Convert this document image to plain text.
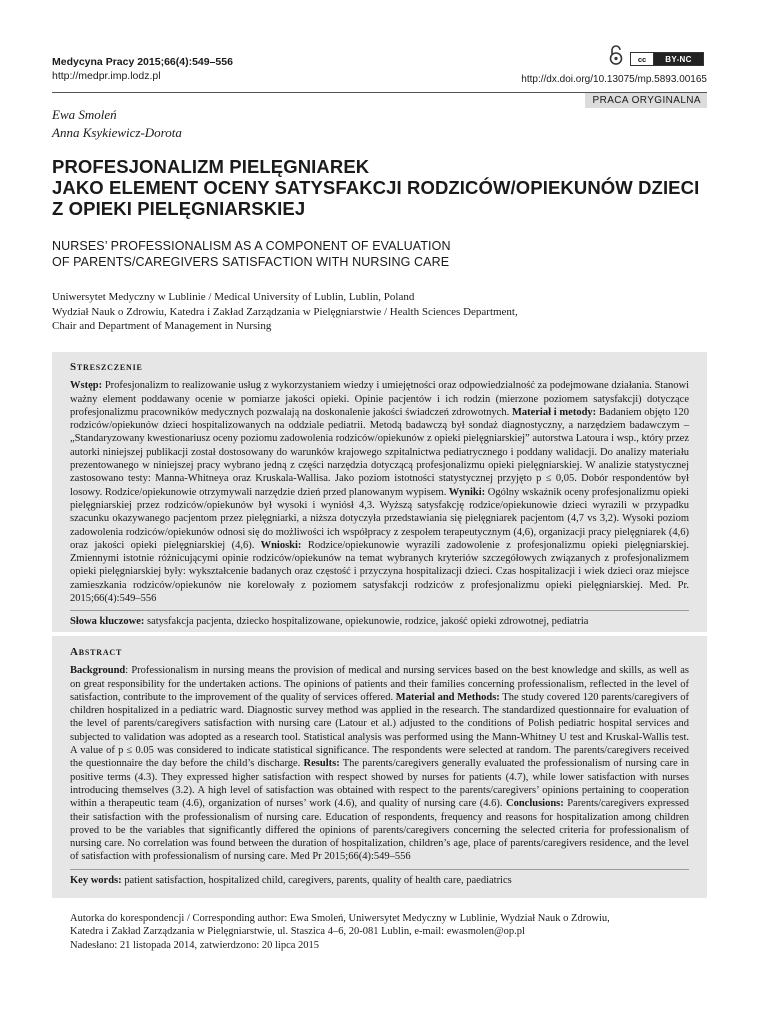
Medycyna Pracy 2015;66(4):549–556
http://medpr.imp.lodz.pl
cc	BY-NC
http://dx.doi.org/10.13075/mp.5893.00165
PRACA ORYGINALNA
Ewa Smoleń
Anna Ksykiewicz-Dorota
PROFESJONALIZM PIELĘGNIAREK
JAKO ELEMENT OCENY SATYSFAKCJI RODZICÓW/OPIEKUNÓW DZIECI
Z OPIEKI PIELĘGNIARSKIEJ
NURSES’ PROFESSIONALISM AS A COMPONENT OF EVALUATION
OF PARENTS/CAREGIVERS SATISFACTION WITH NURSING CARE
Uniwersytet Medyczny w Lublinie / Medical University of Lublin, Lublin, Poland
Wydział Nauk o Zdrowiu, Katedra i Zakład Zarządzania w Pielęgniarstwie / Health Sciences Department,
Chair and Department of Management in Nursing
Streszczenie

Wstęp: Profesjonalizm to realizowanie usług z wykorzystaniem wiedzy i umiejętności oraz odpowiedzialność za podejmowane działania. Stanowi ważny element poddawany ocenie w pomiarze jakości opieki. Opinie pacjentów i ich rodzin (mierzone poziomem satysfakcji) dotyczące profesjonalizmu pracowników medycznych pozwalają na doskonalenie jakości świadczeń zdrowotnych. Materiał i metody: Badaniem objęto 120 rodziców/opiekunów dzieci hospitalizowanych na oddziale pediatrii. Metodą badawczą był sondaż diagnostyczny, a narzędziem badawczym – „Standaryzowany kwestionariusz oceny poziomu zadowolenia rodziców/opiekunów z opieki pielęgniarskiej” autorstwa Latoura i wsp., który przez autorki niniejszej publikacji został dostosowany do warunków krajowego szpitalnictwa pediatrycznego i poddany walidacji. Do analizy materiału prezentowanego w niniejszej pracy wybrano jedną z części narzędzia dotyczącą profesjonalizmu opieki pielęgniarskiej. W analizie statystycznej zastosowano testy: Manna-Whitneya oraz Kruskala-Wallisa. Jako poziom istotności statystycznej przyjęto p ≤ 0,05. Dobór respondentów był losowy. Rodzice/opiekunowie otrzymywali narzędzie dzień przed planowanym wypisem. Wyniki: Ogólny wskaźnik oceny profesjonalizmu opieki pielęgniarskiej przez rodziców/opiekunów był wysoki i wyniósł 4,3. Wyższą satysfakcję rodzice/opiekunowie dzieci wyrazili w przypadku szacunku okazywanego pacjentom przez pielęgniarki, a niższa dotyczyła przedstawiania się pielęgniarek pacjentom (4,7 vs 3,2). Wysoki poziom zadowolenia rodziców/opiekunów odnosi się do możliwości ich współpracy z zespołem terapeutycznym (4,6), organizacji pracy pielęgniarek (4,6) oraz jakości opieki pielęgniarskiej (4,6). Wnioski: Rodzice/opiekunowie wyrazili zadowolenie z profesjonalizmu opieki pielęgniarskiej. Zmiennymi istotnie różnicującymi opinie rodziców/opiekunów na temat wybranych kryteriów szczegółowych związanych z profesjonalizmem opieki pielęgniarskiej były: wykształcenie badanych oraz częstość i przyczyna hospitalizacji dzieci. Czas hospitalizacji i wiek dzieci oraz miejsce zamieszkania rodziców/opiekunów nie korelowały z poziomem satysfakcji rodziców z profesjonalizmu opieki pielęgniarskiej. Med. Pr. 2015;66(4):549–556

Słowa kluczowe: satysfakcja pacjenta, dziecko hospitalizowane, opiekunowie, rodzice, jakość opieki zdrowotnej, pediatria

Abstract

Background: Professionalism in nursing means the provision of medical and nursing services based on the best knowledge and skills, as well as on great responsibility for the undertaken actions. The opinions of patients and their families concerning professionalism, reflected in the level of satisfaction, contribute to the improvement of the quality of services offered. Material and Methods: The study covered 120 parents/caregivers of children hospitalized in a pediatric ward. Diagnostic survey method was applied in the research. The standardized questionnaire for evaluation of the level of parents/caregivers satisfaction with nursing care (Latour et al.) adjusted to the conditions of Polish pediatric hospital services and subjected to validation was adopted as a research tool. Statistical analysis was performed using the Mann-Whitney U test and Kruskal-Wallis test. A value of p ≤ 0.05 was considered to indicate statistical significance. The respondents were selected at random. The parents/caregivers received the questionnaire the day before the child’s discharge. Results: The parents/caregivers generally evaluated the professionalism of nursing care in positive terms (4.3). They expressed higher satisfaction with respect showed by nurses for patients (4.7), while lower satisfaction with nurses introducing themselves (3.2). A high level of satisfaction was obtained with respect to the parents/caregivers’ opinions pertaining to cooperation within a therapeutic team (4.6), organization of nurses’ work (4.6), and quality of nursing care (4.6). Conclusions: Parents/caregivers expressed their satisfaction with the professionalism of nursing care. Education of respondents, frequency and reasons for hospitalization among children proved to be the variables that significantly differed the opinions of parents/caregivers concerning the selected criteria for professionalism of nursing care. No correlation was found between the duration of hospitalization, children’s age, place of parents/caregivers residence, and the level of satisfaction with professionalism of nursing care. Med Pr 2015;66(4):549–556

Key words: patient satisfaction, hospitalized child, caregivers, parents, quality of health care, paediatrics

Autorka do korespondencji / Corresponding author: Ewa Smoleń, Uniwersytet Medyczny w Lublinie, Wydział Nauk o Zdrowiu,
Katedra i Zakład Zarządzania w Pielęgniarstwie, ul. Staszica 4–6, 20-081 Lublin, e-mail: ewasmolen@op.pl
Nadesłano: 21 listopada 2014, zatwierdzono: 20 lipca 2015
